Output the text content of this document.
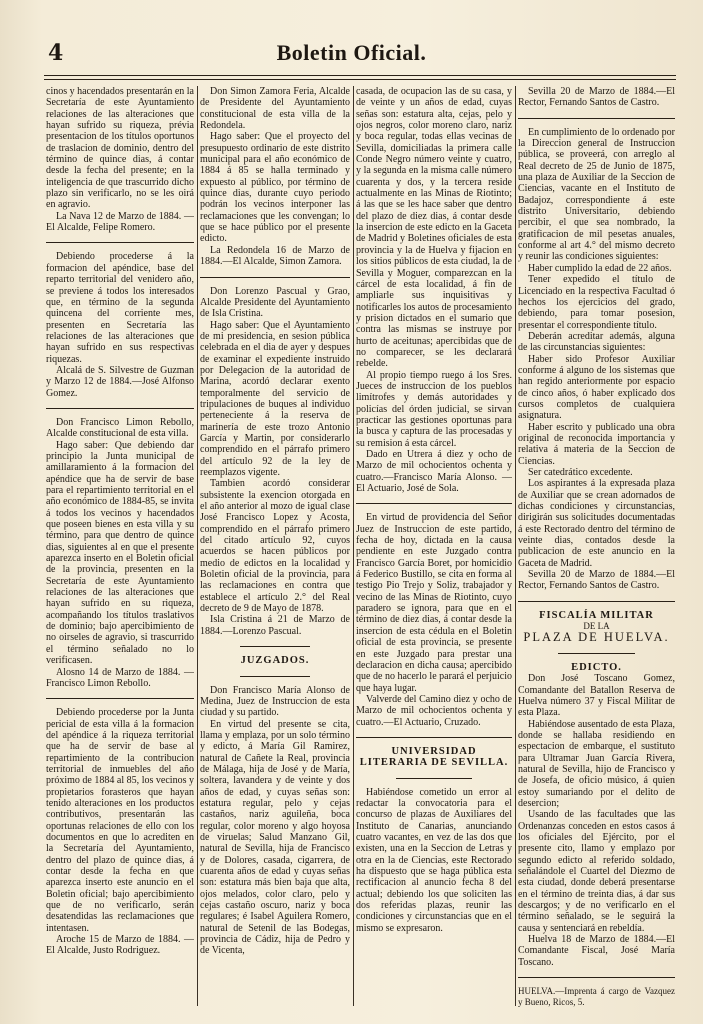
4	Boletin Oficial.

cinos y hacendados presentarán en la Secretaría de este Ayuntamiento relaciones de las alteraciones que hayan sufrido su riqueza, prévia presentacion de los títulos oportunos de traslacion de dominio, dentro del término de quince dias, á contar desde la fecha del presente; en la inteligencia de que trascurrido dicho plazo sin verificarlo, no se les oirá en agravio.

La Nava 12 de Marzo de 1884. —El Alcalde, Felipe Romero.

Debiendo procederse á la formacion del apéndice, base del reparto territorial del venidero año, se previene á todos los interesados que, en término de la segunda quincena del corriente mes, presenten en Secretaría las relaciones de las alteraciones que hayan sufrido en sus respectivas riquezas.

Alcalá de S. Silvestre de Guzman y Marzo 12 de 1884.—José Alfonso Gomez.

Don Francisco Limon Rebollo, Alcalde constitucional de esta villa.

Hago saber: Que debiendo dar principio la Junta municipal de amillaramiento á la formacion del apéndice que ha de servir de base para el repartimiento territorial en el año económico de 1884-85, se invita á todos los vecinos y hacendados que poseen bienes en esta villa y su término, para que dentro de quince dias, siguientes al en que el presente aparezca inserto en el Boletin oficial de la provincia, presenten en la Secretaría de este Ayuntamiento relaciones de las alteraciones que hayan sufrido en su riqueza, acompañando los títulos traslativos de dominio; bajo apercibimiento de no oirseles de agravio, si trascurrido el término señalado no lo verificasen.

Alosno 14 de Marzo de 1884. —Francisco Limon Rebollo.

Debiendo procederse por la Junta pericial de esta villa á la formacion del apéndice á la riqueza territorial que ha de servir de base al repartimiento de la contribucion territorial de inmuebles del año próximo de 1884 al 85, los vecinos y propietarios forasteros que hayan tenido alteraciones en los productos contributivos, presentarán las oportunas relaciones de ello con los documentos en que lo acrediten en la Secretaría del Ayuntamiento, dentro del plazo de quince dias, á contar desde la fecha en que aparezca inserto este anuncio en el Boletin oficial; bajo apercibimiento que de no verificarlo, serán desatendidas las reclamaciones que intentasen.

Aroche 15 de Marzo de 1884. —El Alcalde, Justo Rodriguez.

Don Simon Zamora Feria, Alcalde de Presidente del Ayuntamiento constitucional de esta villa de la Redondela.

Hago saber: Que el proyecto del presupuesto ordinario de este distrito municipal para el año económico de 1884 á 85 se halla terminado y expuesto al público, por término de quince dias, durante cuyo periodo podrán los vecinos interponer las reclamaciones que les convengan; lo que se hace público por el presente edicto.

La Redondela 16 de Marzo de 1884.—El Alcalde, Simon Zamora.

Don Lorenzo Pascual y Grao, Alcalde Presidente del Ayuntamiento de Isla Cristina.

Hago saber: Que el Ayuntamiento de mi presidencia, en sesion pública celebrada en el dia de ayer y despues de examinar el expediente instruido por Delegacion de la autoridad de Marina, acordó declarar exento temporalmente del servicio de tripulaciones de buques al individuo perteneciente á la reserva de marinería de este trozo Antonio García y Martin, por considerarlo comprendido en el párrafo primero del artículo 92 de la ley de reemplazos vigente.

Tambien acordó considerar subsistente la exencion otorgada en el año anterior al mozo de igual clase José Francisco Lopez y Acosta, comprendido en el párrafo primero del citado artículo 92, cuyos acuerdos se hacen públicos por medio de edictos en la localidad y Boletin oficial de la provincia, para las reclamaciones en contra que establece el artículo 2.° del Real decreto de 9 de Mayo de 1878.

Isla Cristina á 21 de Marzo de 1884.—Lorenzo Pascual.

JUZGADOS.

Don Francisco María Alonso de Medina, Juez de Instruccion de esta ciudad y su partido.

En virtud del presente se cita, llama y emplaza, por un solo término y edicto, á María Gil Ramirez, natural de Cañete la Real, provincia de Málaga, hija de José y de María, soltera, lavandera y de veinte y dos años de edad, y cuyas señas son: estatura regular, pelo y cejas castaños, nariz aguileña, boca regular, color moreno y algo hoyosa de viruelas; Salud Manzano Gil, natural de Sevilla, hija de Francisco y de Dolores, casada, cigarrera, de cuarenta años de edad y cuyas señas son: estatura más bien baja que alta, ojos melados, color claro, pelo y cejas castaño oscuro, nariz y boca regulares; é Isabel Aguilera Romero, natural de Setenil de las Bodegas, provincia de Cádiz, hija de Pedro y de Vicenta,

casada, de ocupacion las de su casa, y de veinte y un años de edad, cuyas señas son: estatura alta, cejas, pelo y ojos negros, color moreno claro, nariz y boca regular, todas ellas vecinas de Sevilla, domiciliadas la primera calle Conde Negro número veinte y cuatro, y la segunda en la misma calle número cuarenta y dos, y la tercera reside actualmente en las Minas de Riotinto; á las que se les hace saber que dentro del plazo de diez dias, á contar desde la insercion de este edicto en la Gaceta de Madrid y Boletines oficiales de esta provincia y la de Huelva y fijacion en los sitios públicos de esta ciudad, la de Sevilla y Moguer, comparezcan en la cárcel de esta localidad, á fin de ampliarle sus inquisitivas y notificarles los autos de procesamiento y prision dictados en el sumario que contra las mismas se instruye por hurto de aceitunas; apercibidas que de no comparecer, se les declarará rebelde.

Al propio tiempo ruego á los Sres. Jueces de instruccion de los pueblos limítrofes y demás autoridades y policías del órden judicial, se sirvan practicar las gestiones oportunas para la busca y captura de las procesadas y su remision á esta cárcel.

Dado en Utrera á diez y ocho de Marzo de mil ochocientos ochenta y cuatro.—Francisco María Alonso. —El Actuario, José de Sola.

En virtud de providencia del Señor Juez de Instruccion de este partido, fecha de hoy, dictada en la causa pendiente en este Juzgado contra Francisco García Boret, por homicidio á Federico Bustillo, se cita en forma al testigo Pio Trejo y Soliz, trabajador y vecino de las Minas de Riotinto, cuyo paradero se ignora, para que en el término de diez dias, á contar desde la insercion de esta cédula en el Boletin oficial de esta provincia, se presente en este Juzgado para prestar una declaracion en dicha causa; apercibido que de no hacerlo le parará el perjuicio que haya lugar.

Valverde del Camino diez y ocho de Marzo de mil ochocientos ochenta y cuatro.—El Actuario, Cruzado.

UNIVERSIDAD LITERARIA DE SEVILLA.

Habiéndose cometido un error al redactar la convocatoria para el concurso de plazas de Auxiliares del Instituto de Canarias, anunciando cuatro vacantes, en vez de las dos que existen, una en la Seccion de Letras y otra en la de Ciencias, este Rectorado ha dispuesto que se haga pública esta rectificacion al anuncio fecha 8 del actual; debiendo los que soliciten las dos referidas plazas, reunir las condiciones y circunstancias que en el mismo se expresaron.

Sevilla 20 de Marzo de 1884.—El Rector, Fernando Santos de Castro.

En cumplimiento de lo ordenado por la Direccion general de Instruccion pública, se proveerá, con arreglo al Real decreto de 25 de Junio de 1875, una plaza de Auxiliar de la Seccion de Ciencias, vacante en el Instituto de Badajoz, correspondiente á este distrito Universitario, debiendo percibir, el que sea nombrado, la gratificacion de mil pesetas anuales, conforme al art 4.° del mismo decreto y reunir las condiciones siguientes:

Haber cumplido la edad de 22 años.

Tener expedido el título de Licenciado en la respectiva Facultad ó hechos los ejercicios del grado, debiendo, para tomar posesion, presentar el correspondiente título.

Deberán acreditar además, alguna de las circunstancias siguientes:

Haber sido Profesor Auxiliar conforme á alguno de los sistemas que han regido anteriormente por espacio de cinco años, ó haber explicado dos cursos completos de cualquiera asignatura.

Haber escrito y publicado una obra original de reconocida importancia y relativa á materia de la Seccion de Ciencias.

Ser catedrático excedente.

Los aspirantes á la expresada plaza de Auxiliar que se crean adornados de dichas condiciones y circunstancias, dirigirán sus solicitudes documentadas á este Rectorado dentro del término de veinte dias, contados desde la publicacion de este anuncio en la Gaceta de Madrid.

Sevilla 20 de Marzo de 1884.—El Rector, Fernando Santos de Castro.

FISCALÍA MILITAR

DE LA

PLAZA DE HUELVA.

EDICTO.

Don José Toscano Gomez, Comandante del Batallon Reserva de Huelva número 37 y Fiscal Militar de esta Plaza.

Habiéndose ausentado de esta Plaza, donde se hallaba residiendo en espectacion de embarque, el sustituto para Ultramar Juan García Rivera, natural de Sevilla, hijo de Francisco y de Josefa, de oficio músico, á quien estoy sumariando por el delito de desercion;

Usando de las facultades que las Ordenanzas conceden en estos casos á los oficiales del Ejército, por el presente cito, llamo y emplazo por segundo edicto al referido soldado, señalándole el Cuartel del Diezmo de esta ciudad, donde deberá presentarse en el término de treinta dias, á dar sus descargos; y de no verificarlo en el término señalado, se le seguirá la causa y sentenciará en rebeldía.

Huelva 18 de Marzo de 1884.—El Comandante Fiscal, José María Toscano.

HUELVA.—Imprenta á cargo de Vazquez y Bueno, Ricos, 5.
